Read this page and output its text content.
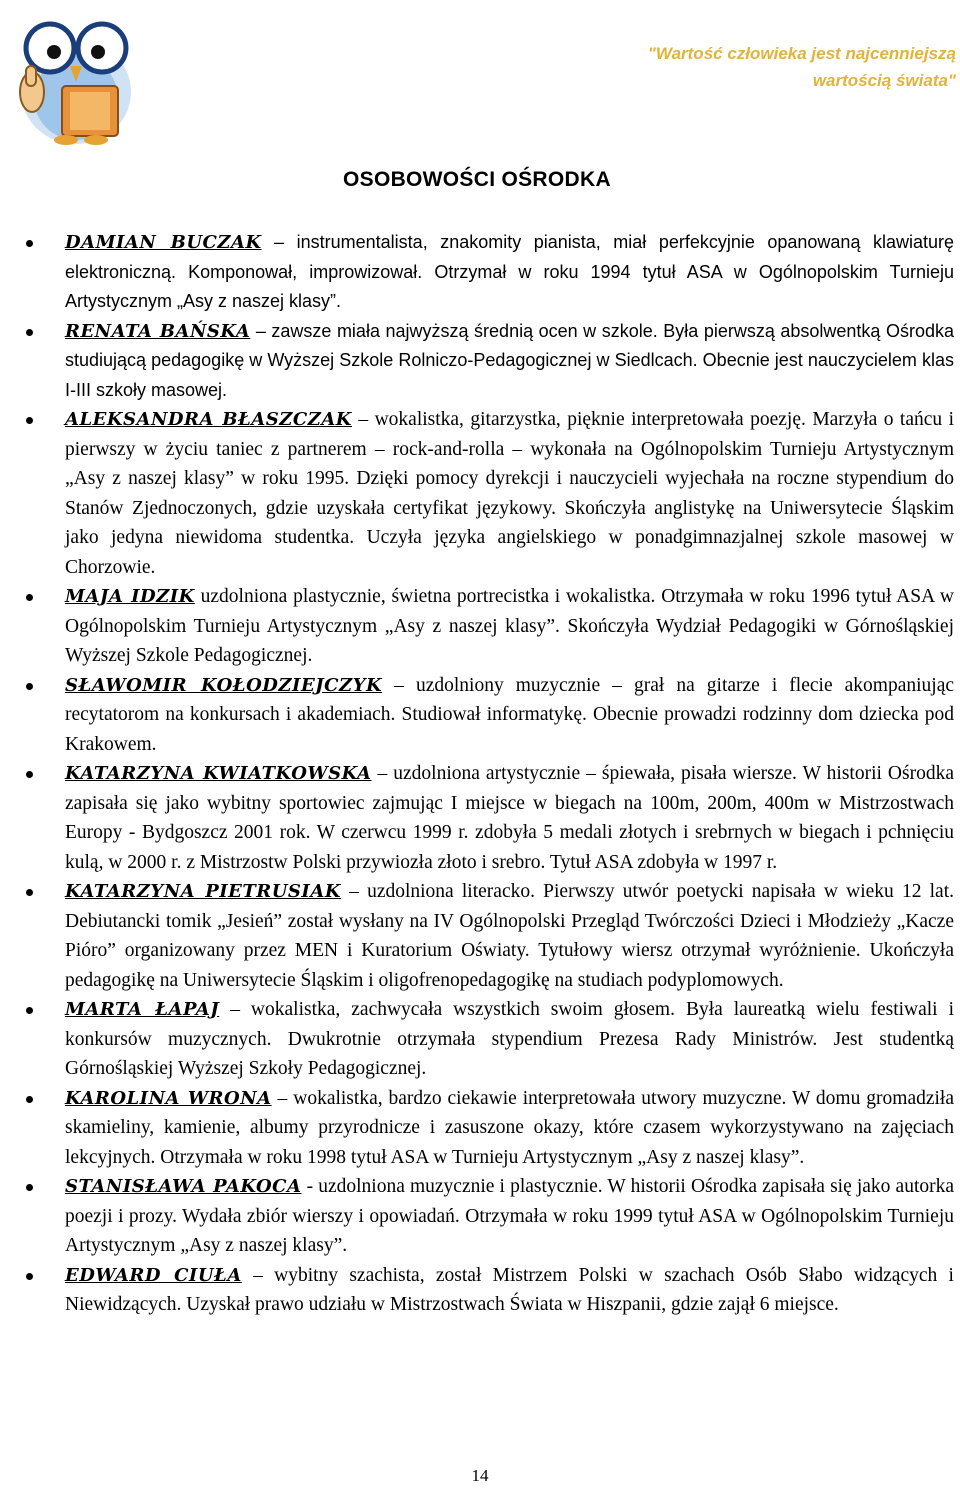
"Wartość człowieka jest najcenniejszą
wartością świata"
OSOBOWOŚCI OŚRODKA
DAMIAN BUCZAK – instrumentalista, znakomity pianista, miał perfekcyjnie opanowaną klawiaturę elektroniczną. Komponował, improwizował. Otrzymał w roku 1994 tytuł ASA w Ogólnopolskim Turnieju Artystycznym „Asy z naszej klasy”.
RENATA BAŃSKA – zawsze miała najwyższą średnią ocen w szkole. Była pierwszą absolwentką Ośrodka studiującą pedagogikę w Wyższej Szkole Rolniczo-Pedagogicznej w Siedlcach. Obecnie jest nauczycielem klas I-III szkoły masowej.
ALEKSANDRA BŁASZCZAK – wokalistka, gitarzystka, pięknie interpretowała poezję. Marzyła o tańcu i pierwszy w życiu taniec z partnerem – rock-and-rolla – wykonała na Ogólnopolskim Turnieju Artystycznym „Asy z naszej klasy” w roku 1995. Dzięki pomocy dyrekcji i nauczycieli wyjechała na roczne stypendium do Stanów Zjednoczonych, gdzie uzyskała certyfikat językowy. Skończyła anglistykę na Uniwersytecie Śląskim jako jedyna niewidoma studentka. Uczyła języka angielskiego w ponadgimnazjalnej szkole masowej w Chorzowie.
MAJA IDZIK uzdolniona plastycznie, świetna portrecistka i wokalistka. Otrzymała w roku 1996 tytuł ASA w Ogólnopolskim Turnieju Artystycznym „Asy z naszej klasy”. Skończyła Wydział Pedagogiki w Górnośląskiej Wyższej Szkole Pedagogicznej.
SŁAWOMIR KOŁODZIEJCZYK – uzdolniony muzycznie – grał na gitarze i flecie akompaniując recytatorom na konkursach i akademiach. Studiował informatykę. Obecnie prowadzi rodzinny dom dziecka pod Krakowem.
KATARZYNA KWIATKOWSKA – uzdolniona artystycznie – śpiewała, pisała wiersze. W historii Ośrodka zapisała się jako wybitny sportowiec zajmując I miejsce w biegach na 100m, 200m, 400m w Mistrzostwach Europy - Bydgoszcz 2001 rok. W czerwcu 1999 r. zdobyła 5 medali złotych i srebrnych w biegach i pchnięciu kulą, w 2000 r. z Mistrzostw Polski przywiozła złoto i srebro. Tytuł ASA zdobyła w 1997 r.
KATARZYNA PIETRUSIAK – uzdolniona literacko. Pierwszy utwór poetycki napisała w wieku 12 lat. Debiutancki tomik „Jesień” został wysłany na IV Ogólnopolski Przegląd Twórczości Dzieci i Młodzieży „Kacze Pióro” organizowany przez MEN i Kuratorium Oświaty. Tytułowy wiersz otrzymał wyróżnienie. Ukończyła pedagogikę na Uniwersytecie Śląskim i oligofrenopedagogikę na studiach podyplomowych.
MARTA ŁAPAJ – wokalistka, zachwycała wszystkich swoim głosem. Była laureatką wielu festiwali i konkursów muzycznych. Dwukrotnie otrzymała stypendium Prezesa Rady Ministrów. Jest studentką Górnośląskiej Wyższej Szkoły Pedagogicznej.
KAROLINA WRONA – wokalistka, bardzo ciekawie interpretowała utwory muzyczne. W domu gromadziła skamieliny, kamienie, albumy przyrodnicze i zasuszone okazy, które czasem wykorzystywano na zajęciach lekcyjnych. Otrzymała w roku 1998 tytuł ASA w Turnieju Artystycznym „Asy z naszej klasy”.
STANISŁAWA PAKOCA - uzdolniona muzycznie i plastycznie. W historii Ośrodka zapisała się jako autorka poezji i prozy. Wydała zbiór wierszy i opowiadań. Otrzymała w roku 1999 tytuł ASA w Ogólnopolskim Turnieju Artystycznym „Asy z naszej klasy”.
EDWARD CIUŁA – wybitny szachista, został Mistrzem Polski w szachach Osób Słabo widzących i Niewidzących. Uzyskał prawo udziału w Mistrzostwach Świata w Hiszpanii, gdzie zajął 6 miejsce.
14
